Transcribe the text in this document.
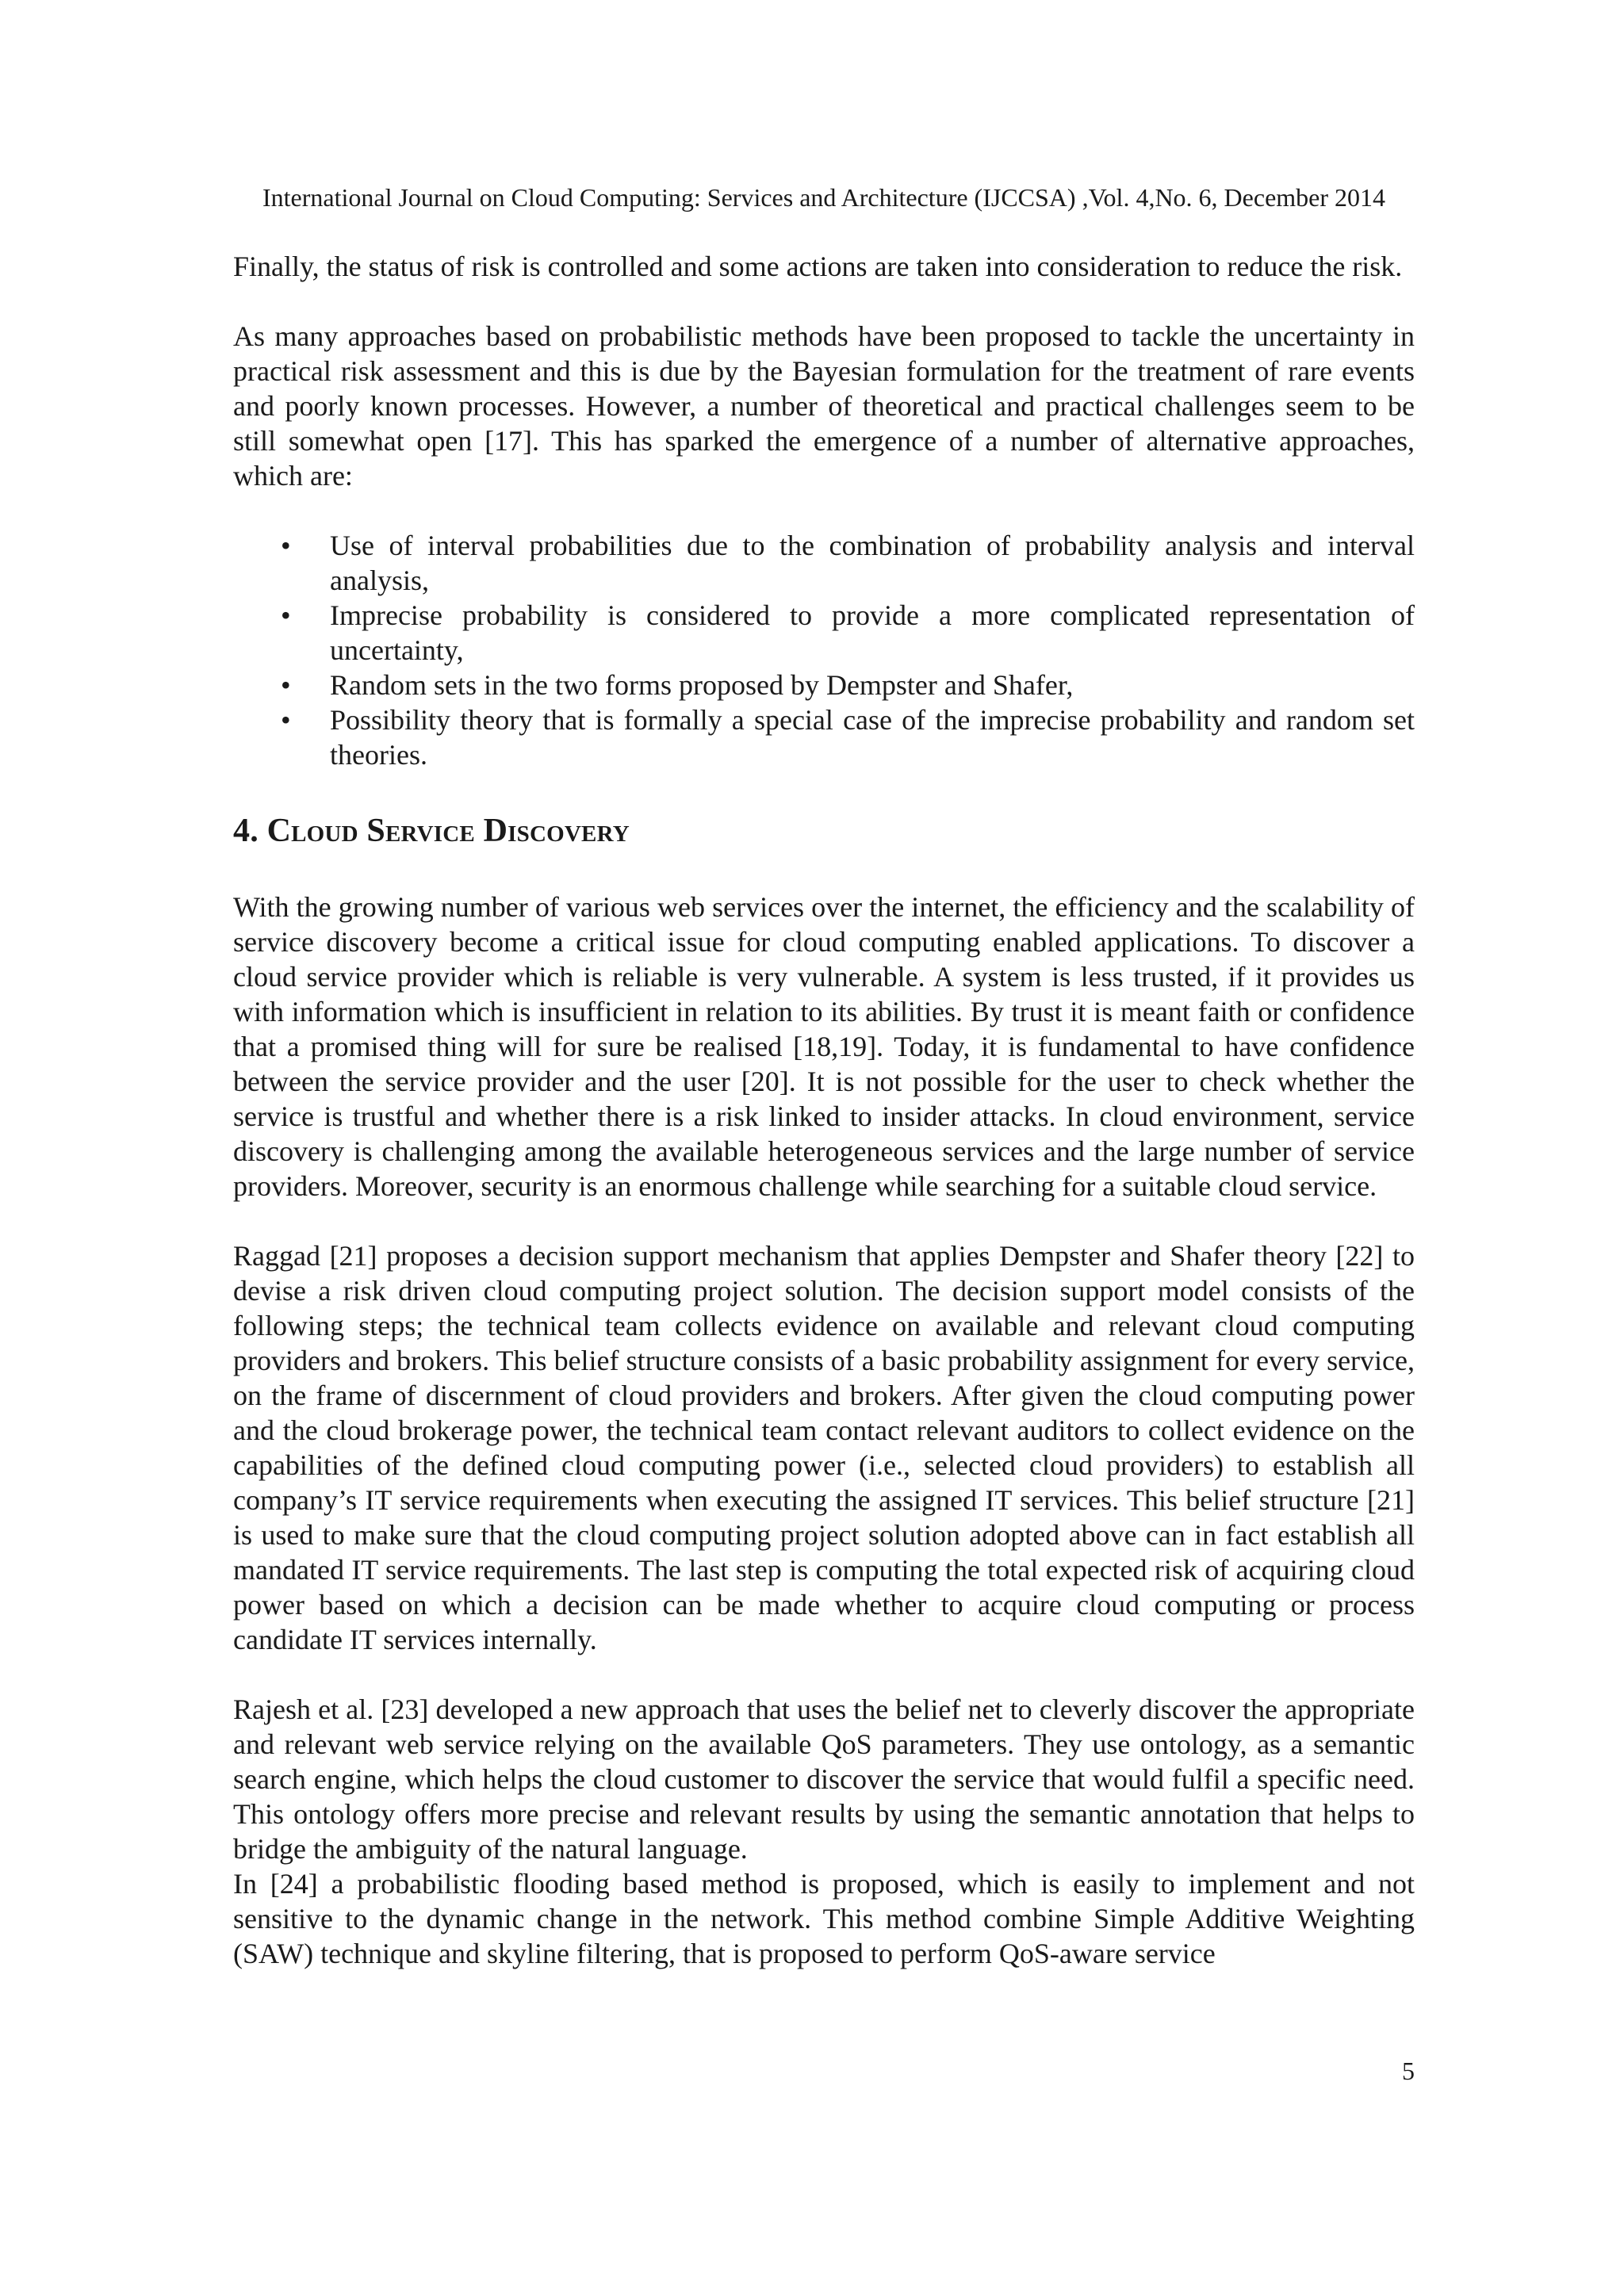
International Journal on Cloud Computing: Services and Architecture (IJCCSA) ,Vol. 4,No. 6, December 2014

Finally, the status of risk is controlled and some actions are taken into consideration to reduce the risk.

As many approaches based on probabilistic methods have been proposed to tackle the uncertainty in practical risk assessment and this is due by the Bayesian formulation for the treatment of rare events and poorly known processes. However, a number of theoretical and practical challenges seem to be still somewhat open [17]. This has sparked the emergence of a number of alternative approaches, which are:

• Use of interval probabilities due to the combination of probability analysis and interval analysis,
• Imprecise probability is considered to provide a more complicated representation of uncertainty,
• Random sets in the two forms proposed by Dempster and Shafer,
• Possibility theory that is formally a special case of the imprecise probability and random set theories.
4. Cloud Service Discovery

With the growing number of various web services over the internet, the efficiency and the scalability of service discovery become a critical issue for cloud computing enabled applications. To discover a cloud service provider which is reliable is very vulnerable. A system is less trusted, if it provides us with information which is insufficient in relation to its abilities. By trust it is meant faith or confidence that a promised thing will for sure be realised [18,19]. Today, it is fundamental to have confidence between the service provider and the user [20]. It is not possible for the user to check whether the service is trustful and whether there is a risk linked to insider attacks. In cloud environment, service discovery is challenging among the available heterogeneous services and the large number of service providers. Moreover, security is an enormous challenge while searching for a suitable cloud service.

Raggad [21] proposes a decision support mechanism that applies Dempster and Shafer theory [22] to devise a risk driven cloud computing project solution. The decision support model consists of the following steps; the technical team collects evidence on available and relevant cloud computing providers and brokers. This belief structure consists of a basic probability assignment for every service, on the frame of discernment of cloud providers and brokers. After given the cloud computing power and the cloud brokerage power, the technical team contact relevant auditors to collect evidence on the capabilities of the defined cloud computing power (i.e., selected cloud providers) to establish all company’s IT service requirements when executing the assigned IT services. This belief structure [21] is used to make sure that the cloud computing project solution adopted above can in fact establish all mandated IT service requirements. The last step is computing the total expected risk of acquiring cloud power based on which a decision can be made whether to acquire cloud computing or process candidate IT services internally.

Rajesh et al. [23] developed a new approach that uses the belief net to cleverly discover the appropriate and relevant web service relying on the available QoS parameters. They use ontology, as a semantic search engine, which helps the cloud customer to discover the service that would fulfil a specific need. This ontology offers more precise and relevant results by using the semantic annotation that helps to bridge the ambiguity of the natural language.

In [24] a probabilistic flooding based method is proposed, which is easily to implement and not sensitive to the dynamic change in the network. This method combine Simple Additive Weighting (SAW) technique and skyline filtering, that is proposed to perform QoS-aware service

5
